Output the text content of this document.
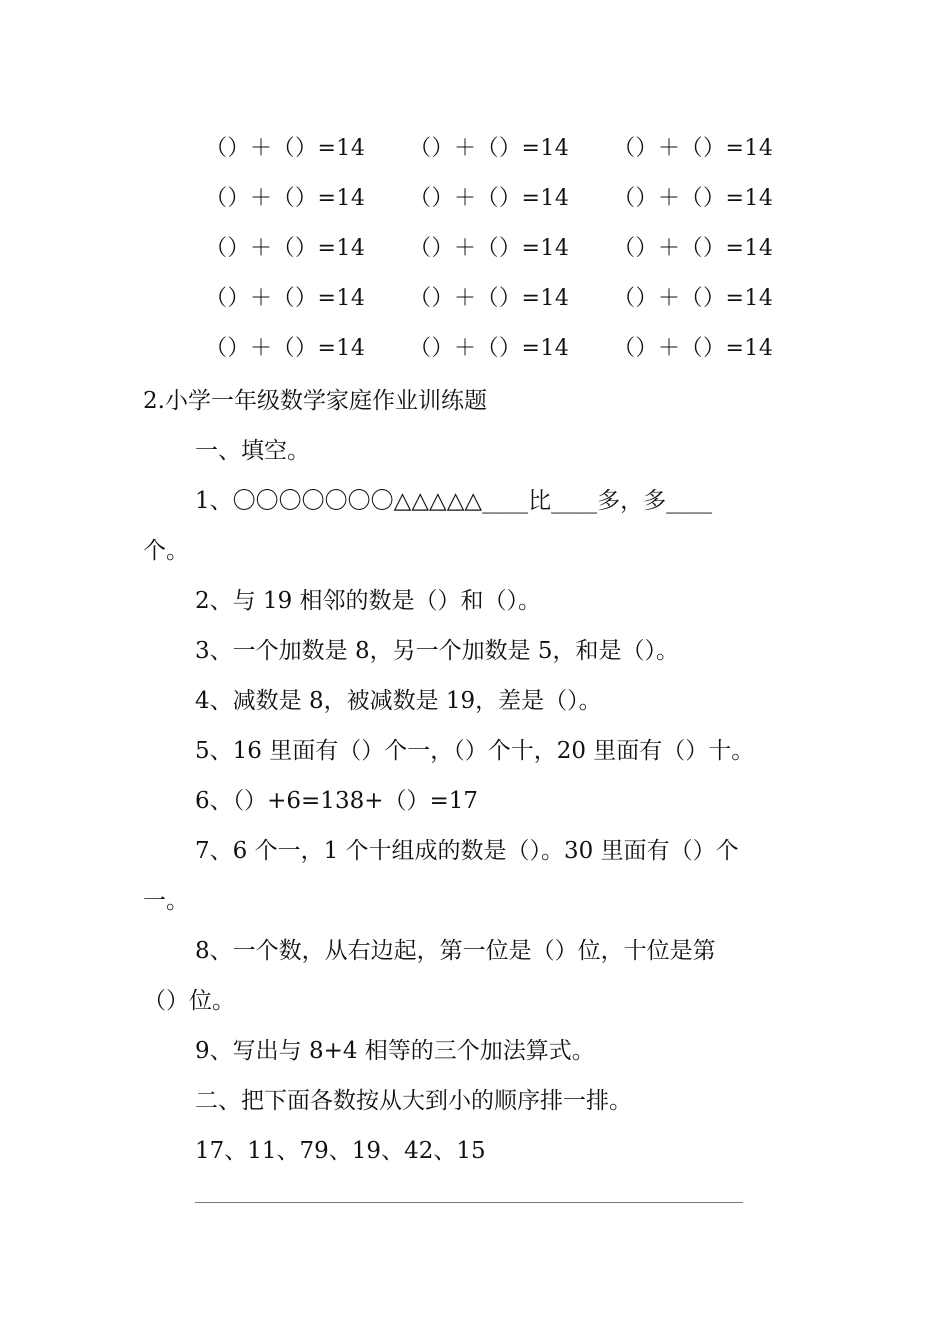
（）＋（）=14 （）＋（）=14 （）＋（）=14
（）＋（）=14 （）＋（）=14 （）＋（）=14
（）＋（）=14 （）＋（）=14 （）＋（）=14
（）＋（）=14 （）＋（）=14 （）＋（）=14
（）＋（）=14 （）＋（）=14 （）＋（）=14
2.小学一年级数学家庭作业训练题
一、填空。
1、〇〇〇〇〇〇〇△△△△△____比____多，多____
个。
2、与 19 相邻的数是（）和（）。
3、一个加数是 8，另一个加数是 5，和是（）。
4、减数是 8，被减数是 19，差是（）。
5、16 里面有（）个一，（）个十，20 里面有（）十。
6、（）+6=138+（）=17
7、6 个一，1 个十组成的数是（）。30 里面有（）个
一。
8、一个数，从右边起，第一位是（）位，十位是第
（）位。
9、写出与 8+4 相等的三个加法算式。
二、把下面各数按从大到小的顺序排一排。
17、11、79、19、42、15
